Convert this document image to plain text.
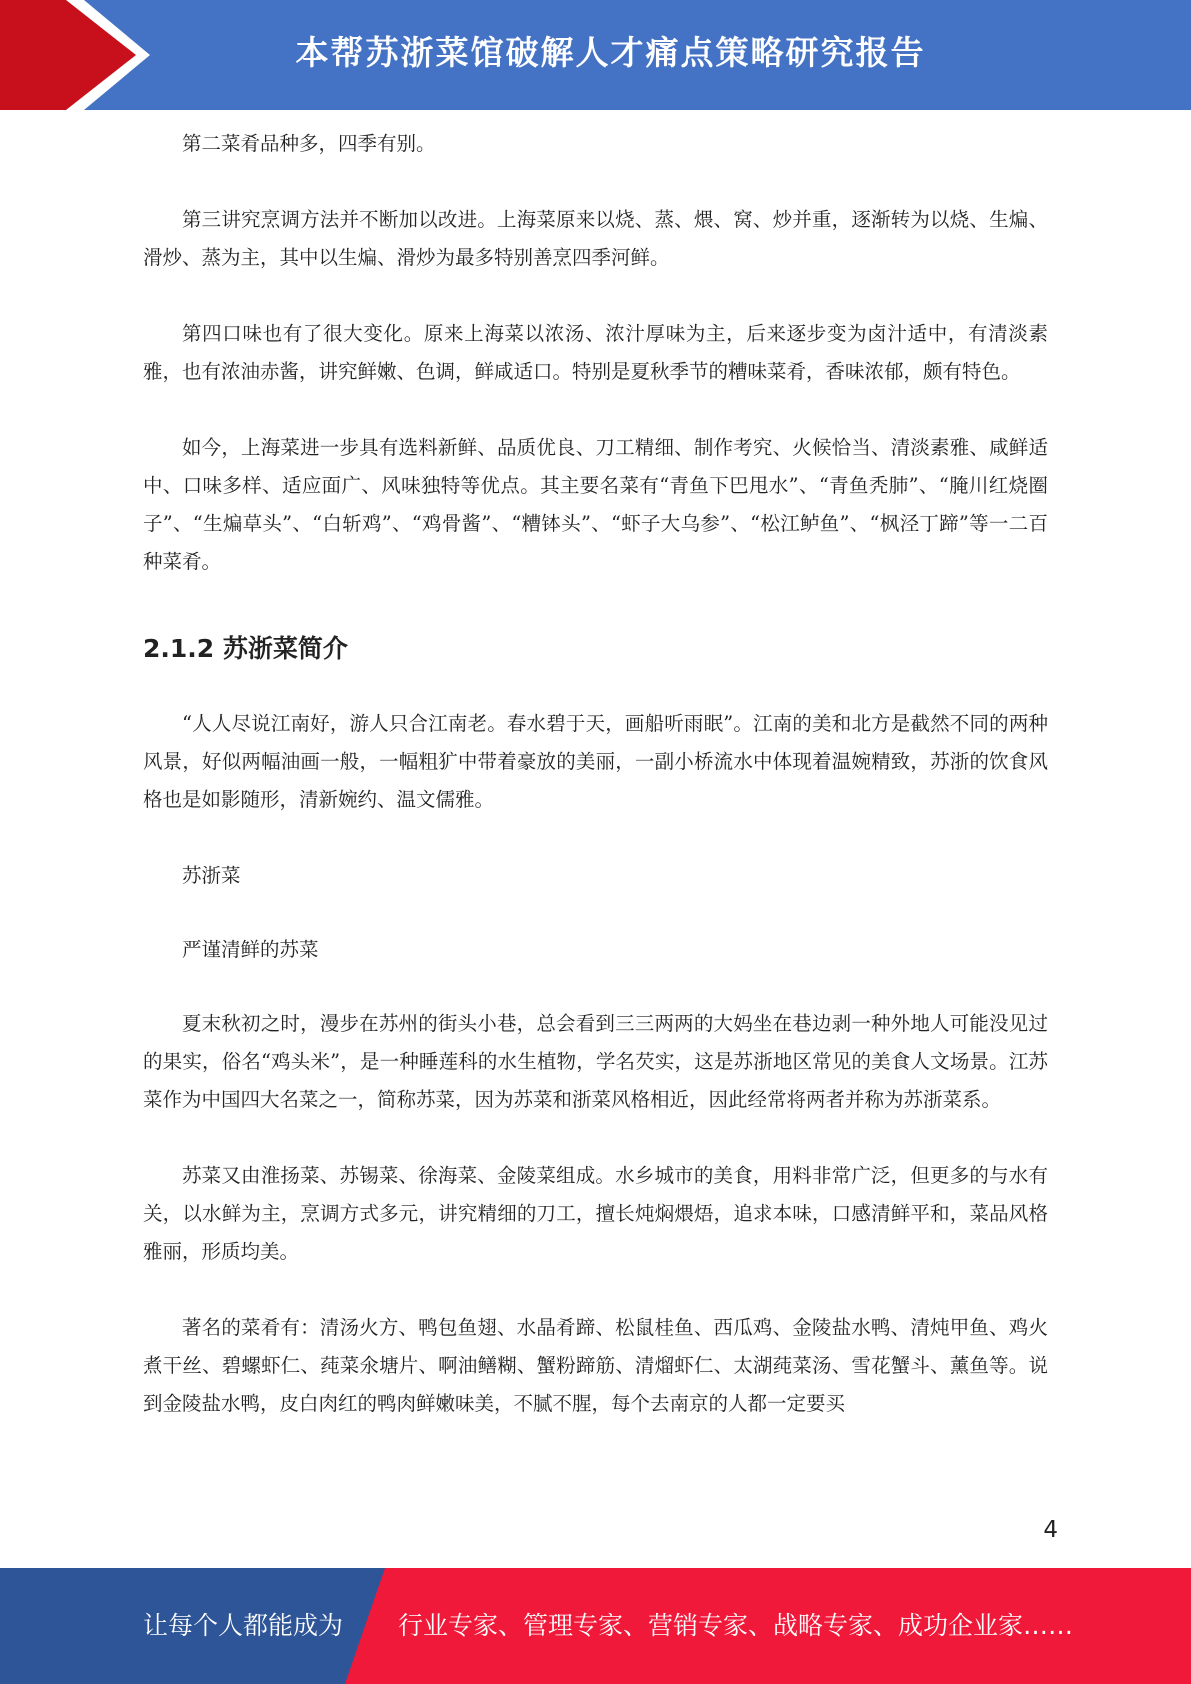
本帮苏浙菜馆破解人才痛点策略研究报告

第二菜肴品种多，四季有别。

第三讲究烹调方法并不断加以改进。上海菜原来以烧、蒸、煨、窝、炒并重，逐渐转为以烧、生煸、滑炒、蒸为主，其中以生煸、滑炒为最多特别善烹四季河鲜。

第四口味也有了很大变化。原来上海菜以浓汤、浓汁厚味为主，后来逐步变为卤汁适中，有清淡素雅，也有浓油赤酱，讲究鲜嫩、色调，鲜咸适口。特别是夏秋季节的糟味菜肴，香味浓郁，颇有特色。

如今，上海菜进一步具有选料新鲜、品质优良、刀工精细、制作考究、火候恰当、清淡素雅、咸鲜适中、口味多样、适应面广、风味独特等优点。其主要名菜有“青鱼下巴甩水”、“青鱼秃肺”、“腌川红烧圈子”、“生煸草头”、“白斩鸡”、“鸡骨酱”、“糟钵头”、“虾子大乌参”、“松江鲈鱼”、“枫泾丁蹄”等一二百种菜肴。

2.1.2 苏浙菜简介

“人人尽说江南好，游人只合江南老。春水碧于天，画船听雨眠”。江南的美和北方是截然不同的两种风景，好似两幅油画一般，一幅粗犷中带着豪放的美丽，一副小桥流水中体现着温婉精致，苏浙的饮食风格也是如影随形，清新婉约、温文儒雅。

苏浙菜

严谨清鲜的苏菜

夏末秋初之时，漫步在苏州的街头小巷，总会看到三三两两的大妈坐在巷边剥一种外地人可能没见过的果实，俗名“鸡头米”，是一种睡莲科的水生植物，学名芡实，这是苏浙地区常见的美食人文场景。江苏菜作为中国四大名菜之一，简称苏菜，因为苏菜和浙菜风格相近，因此经常将两者并称为苏浙菜系。

苏菜又由淮扬菜、苏锡菜、徐海菜、金陵菜组成。水乡城市的美食，用料非常广泛，但更多的与水有关，以水鲜为主，烹调方式多元，讲究精细的刀工，擅长炖焖煨焐，追求本味，口感清鲜平和，菜品风格雅丽，形质均美。

著名的菜肴有：清汤火方、鸭包鱼翅、水晶肴蹄、松鼠桂鱼、西瓜鸡、金陵盐水鸭、清炖甲鱼、鸡火煮干丝、碧螺虾仁、莼菜氽塘片、啊油鳝糊、蟹粉蹄筋、清熘虾仁、太湖莼菜汤、雪花蟹斗、薰鱼等。说到金陵盐水鸭，皮白肉红的鸭肉鲜嫩味美，不腻不腥，每个去南京的人都一定要买

4
让每个人都能成为 行业专家、管理专家、营销专家、战略专家、成功企业家……
